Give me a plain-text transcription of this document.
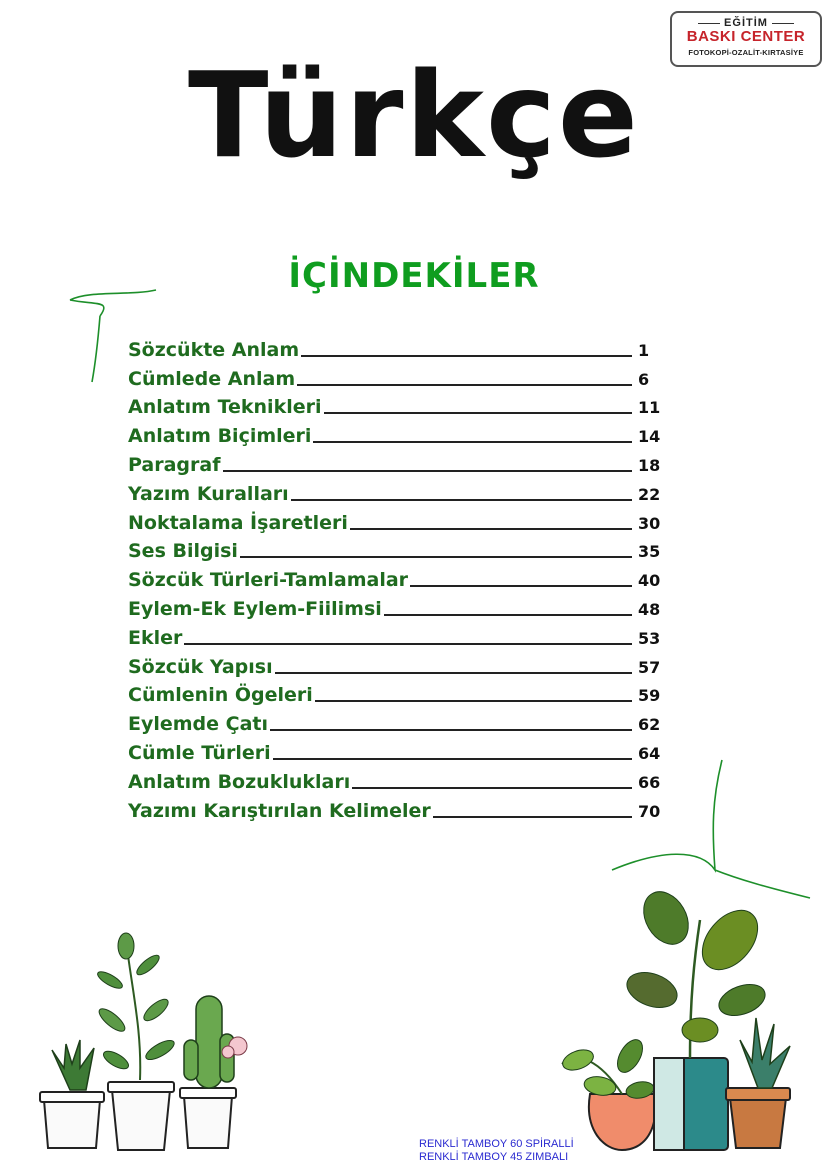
EĞİTİM
BASKI CENTER
FOTOKOPİ-OZALİT-KIRTASİYE
Türkçe
İÇİNDEKİLER
Sözcükte Anlam	1
Cümlede Anlam	6
Anlatım Teknikleri	11
Anlatım Biçimleri	14
Paragraf	18
Yazım Kuralları	22
Noktalama İşaretleri	30
Ses Bilgisi	35
Sözcük Türleri-Tamlamalar	40
Eylem-Ek Eylem-Fiilimsi	48
Ekler	53
Sözcük Yapısı	57
Cümlenin Ögeleri	59
Eylemde Çatı	62
Cümle Türleri	64
Anlatım Bozuklukları	66
Yazımı Karıştırılan Kelimeler	70
RENKLİ TAMBOY 60 SPİRALLİ
RENKLİ TAMBOY 45 ZIMBALI
